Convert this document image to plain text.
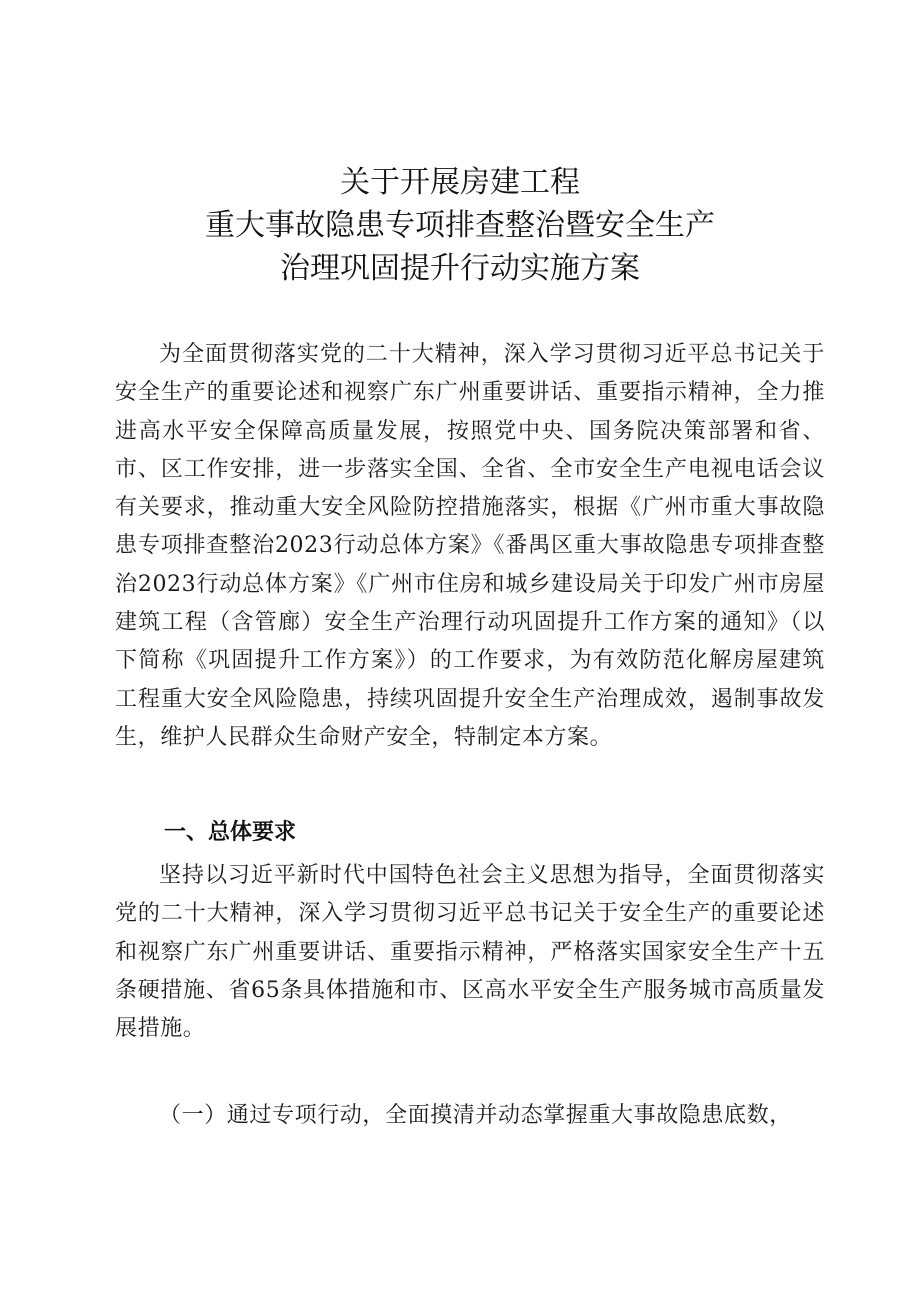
关于开展房建工程
重大事故隐患专项排查整治暨安全生产
治理巩固提升行动实施方案

为全面贯彻落实党的二十大精神，深入学习贯彻习近平总书记关于安全生产的重要论述和视察广东广州重要讲话、重要指示精神，全力推进高水平安全保障高质量发展，按照党中央、国务院决策部署和省、市、区工作安排，进一步落实全国、全省、全市安全生产电视电话会议有关要求，推动重大安全风险防控措施落实，根据《广州市重大事故隐患专项排查整治2023行动总体方案》《番禺区重大事故隐患专项排查整治2023行动总体方案》《广州市住房和城乡建设局关于印发广州市房屋建筑工程（含管廊）安全生产治理行动巩固提升工作方案的通知》（以下简称《巩固提升工作方案》）的工作要求，为有效防范化解房屋建筑工程重大安全风险隐患，持续巩固提升安全生产治理成效，遏制事故发生，维护人民群众生命财产安全，特制定本方案。

一、总体要求

坚持以习近平新时代中国特色社会主义思想为指导，全面贯彻落实党的二十大精神，深入学习贯彻习近平总书记关于安全生产的重要论述和视察广东广州重要讲话、重要指示精神，严格落实国家安全生产十五条硬措施、省65条具体措施和市、区高水平安全生产服务城市高质量发展措施。

（一）通过专项行动，全面摸清并动态掌握重大事故隐患底数，
